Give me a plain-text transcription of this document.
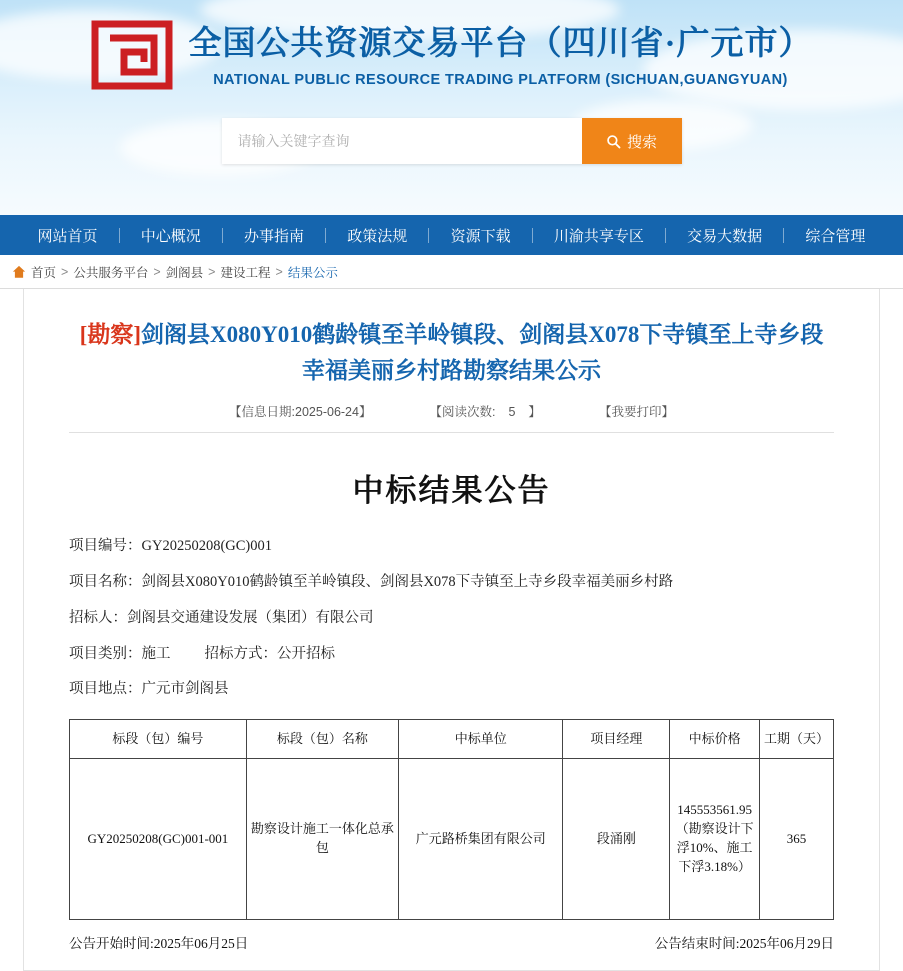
全国公共资源交易平台（四川省·广元市）
NATIONAL PUBLIC RESOURCE TRADING PLATFORM (SICHUAN,GUANGYUAN)
请输入关键字查询
搜索
网站首页	中心概况	办事指南	政策法规	资源下载	川渝共享专区	交易大数据	综合管理
首页 > 公共服务平台 > 剑阁县 > 建设工程 > 结果公示
[勘察]剑阁县X080Y010鹤龄镇至羊岭镇段、剑阁县X078下寺镇至上寺乡段幸福美丽乡村路勘察结果公示
【信息日期:2025-06-24】	【阅读次数: 5 】	【我要打印】
中标结果公告

项目编号：GY20250208(GC)001

项目名称：剑阁县X080Y010鹤龄镇至羊岭镇段、剑阁县X078下寺镇至上寺乡段幸福美丽乡村路

招标人：剑阁县交通建设发展（集团）有限公司

项目类别：施工 招标方式：公开招标

项目地点：广元市剑阁县

标段（包）编号	标段（包）名称	中标单位	项目经理	中标价格	工期（天）
GY20250208(GC)001-001	勘察设计施工一体化总承包	广元路桥集团有限公司	段涌刚	145553561.95（勘察设计下浮10%、施工下浮3.18%）	365
公告开始时间:2025年06月25日	公告结束时间:2025年06月29日
